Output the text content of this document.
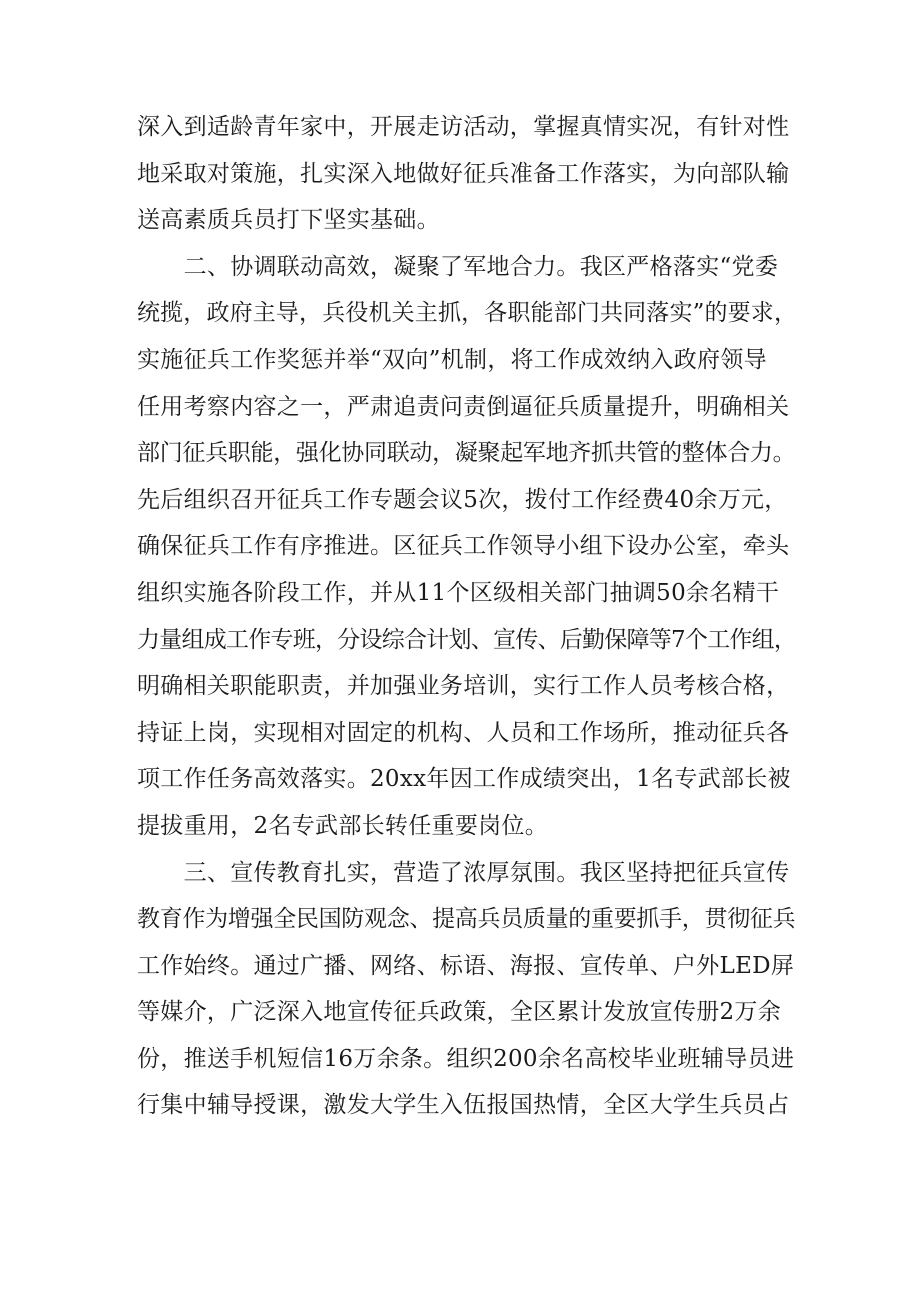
深入到适龄青年家中，开展走访活动，掌握真情实况，有针对性
地采取对策施，扎实深入地做好征兵准备工作落实，为向部队输
送高素质兵员打下坚实基础。
　　二、协调联动高效，凝聚了军地合力。我区严格落实“党委
统揽，政府主导，兵役机关主抓，各职能部门共同落实”的要求，
实施征兵工作奖惩并举“双向”机制，将工作成效纳入政府领导
任用考察内容之一，严肃追责问责倒逼征兵质量提升，明确相关
部门征兵职能，强化协同联动，凝聚起军地齐抓共管的整体合力。
先后组织召开征兵工作专题会议5次，拨付工作经费40余万元，
确保征兵工作有序推进。区征兵工作领导小组下设办公室，牵头
组织实施各阶段工作，并从11个区级相关部门抽调50余名精干
力量组成工作专班，分设综合计划、宣传、后勤保障等7个工作组，
明确相关职能职责，并加强业务培训，实行工作人员考核合格，
持证上岗，实现相对固定的机构、人员和工作场所，推动征兵各
项工作任务高效落实。20xx年因工作成绩突出，1名专武部长被
提拔重用，2名专武部长转任重要岗位。
　　三、宣传教育扎实，营造了浓厚氛围。我区坚持把征兵宣传
教育作为增强全民国防观念、提高兵员质量的重要抓手，贯彻征兵
工作始终。通过广播、网络、标语、海报、宣传单、户外LED屏
等媒介，广泛深入地宣传征兵政策，全区累计发放宣传册2万余
份，推送手机短信16万余条。组织200余名高校毕业班辅导员进
行集中辅导授课，激发大学生入伍报国热情，全区大学生兵员占
